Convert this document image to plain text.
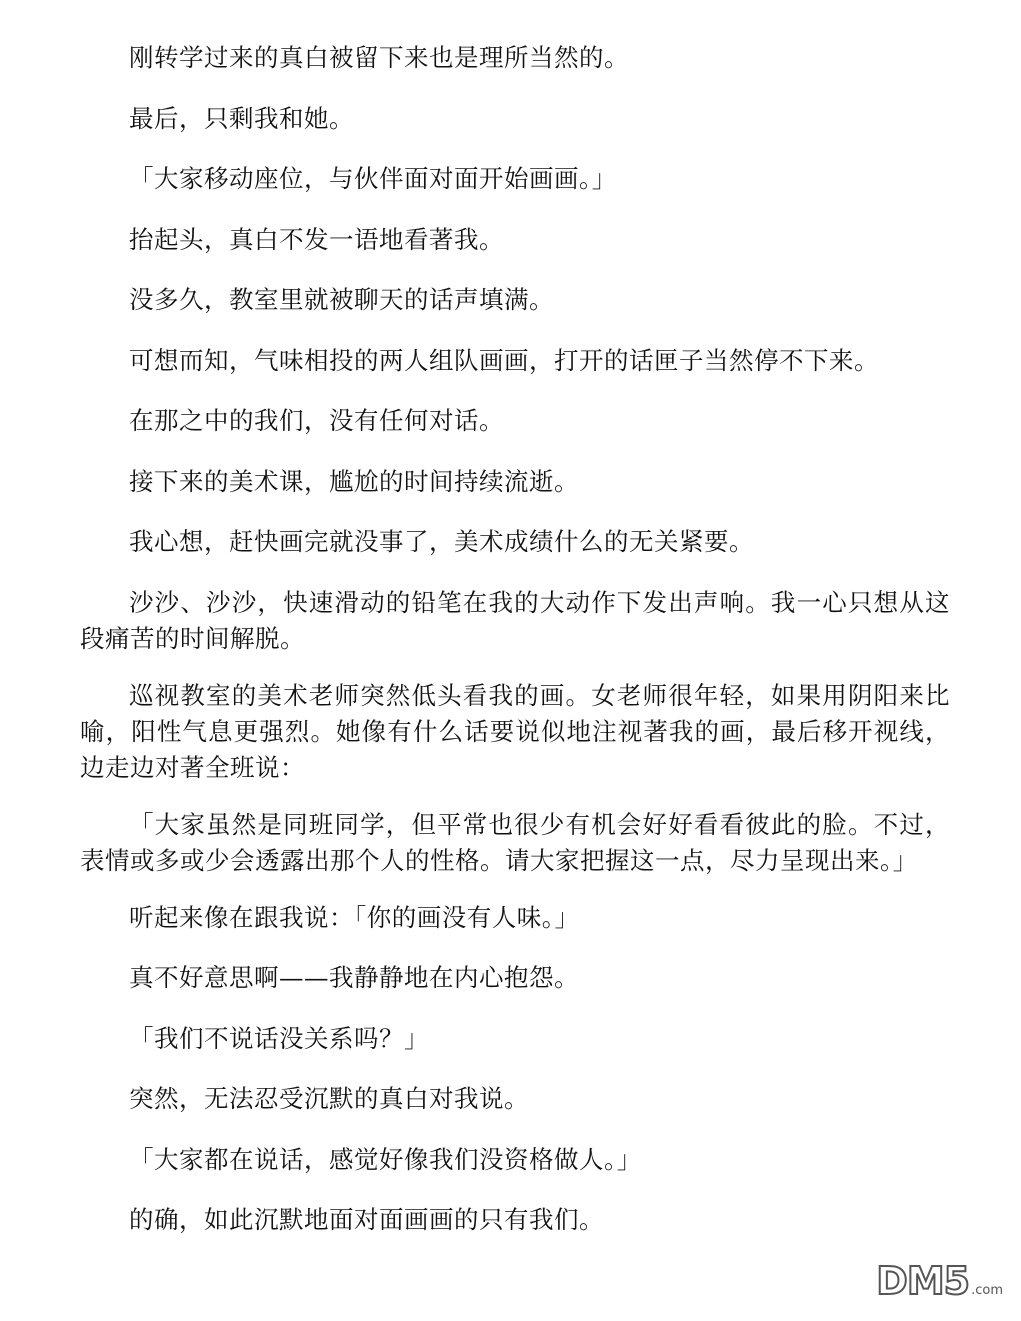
刚转学过来的真白被留下来也是理所当然的。

最后，只剩我和她。

「大家移动座位，与伙伴面对面开始画画。」

抬起头，真白不发一语地看著我。

没多久，教室里就被聊天的话声填满。

可想而知，气味相投的两人组队画画，打开的话匣子当然停不下来。

在那之中的我们，没有任何对话。

接下来的美术课，尴尬的时间持续流逝。

我心想，赶快画完就没事了，美术成绩什么的无关紧要。

沙沙、沙沙，快速滑动的铅笔在我的大动作下发出声响。我一心只想从这段痛苦的时间解脱。

巡视教室的美术老师突然低头看我的画。女老师很年轻，如果用阴阳来比喻，阳性气息更强烈。她像有什么话要说似地注视著我的画，最后移开视线，边走边对著全班说：

「大家虽然是同班同学，但平常也很少有机会好好看看彼此的脸。不过，表情或多或少会透露出那个人的性格。请大家把握这一点，尽力呈现出来。」

听起来像在跟我说：「你的画没有人味。」

真不好意思啊——我静静地在内心抱怨。

「我们不说话没关系吗？」

突然，无法忍受沉默的真白对我说。

「大家都在说话，感觉好像我们没资格做人。」

的确，如此沉默地面对面画画的只有我们。

DM5 .com
